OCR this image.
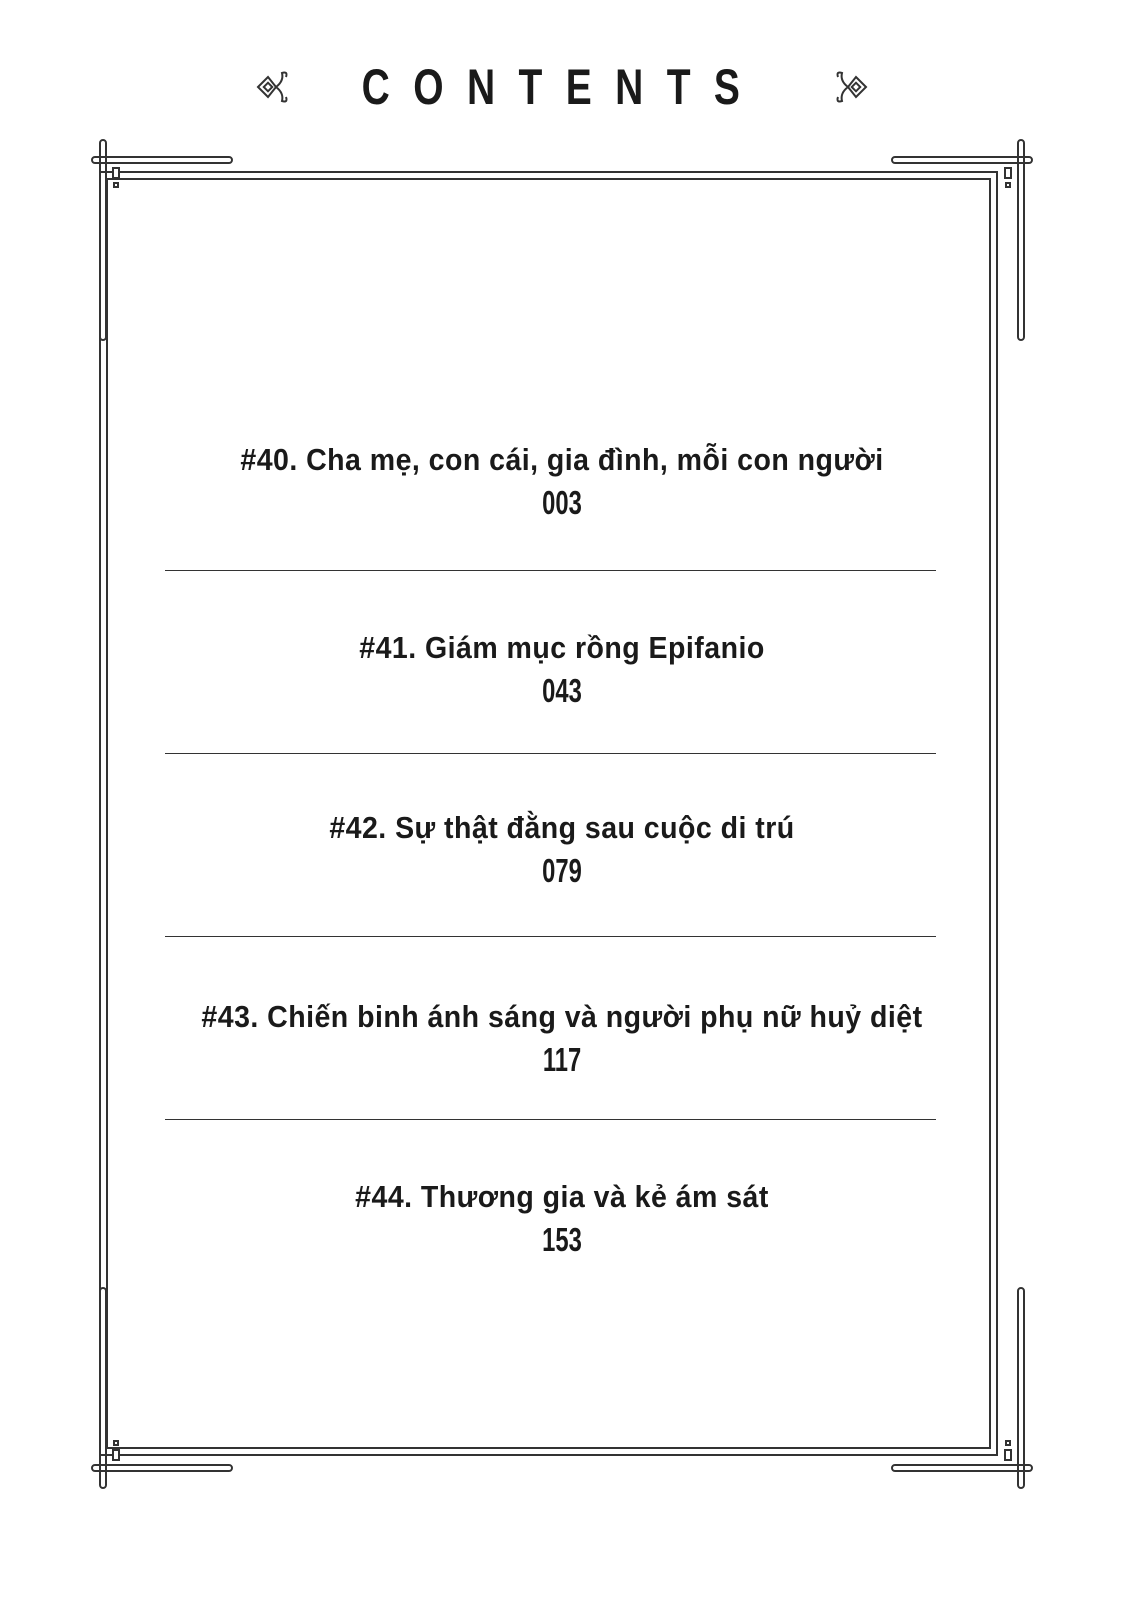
CONTENTS
#40. Cha mẹ, con cái, gia đình, mỗi con người
003
#41. Giám mục rồng Epifanio
043
#42. Sự thật đằng sau cuộc di trú
079
#43. Chiến binh ánh sáng và người phụ nữ huỷ diệt
117
#44. Thương gia và kẻ ám sát
153
